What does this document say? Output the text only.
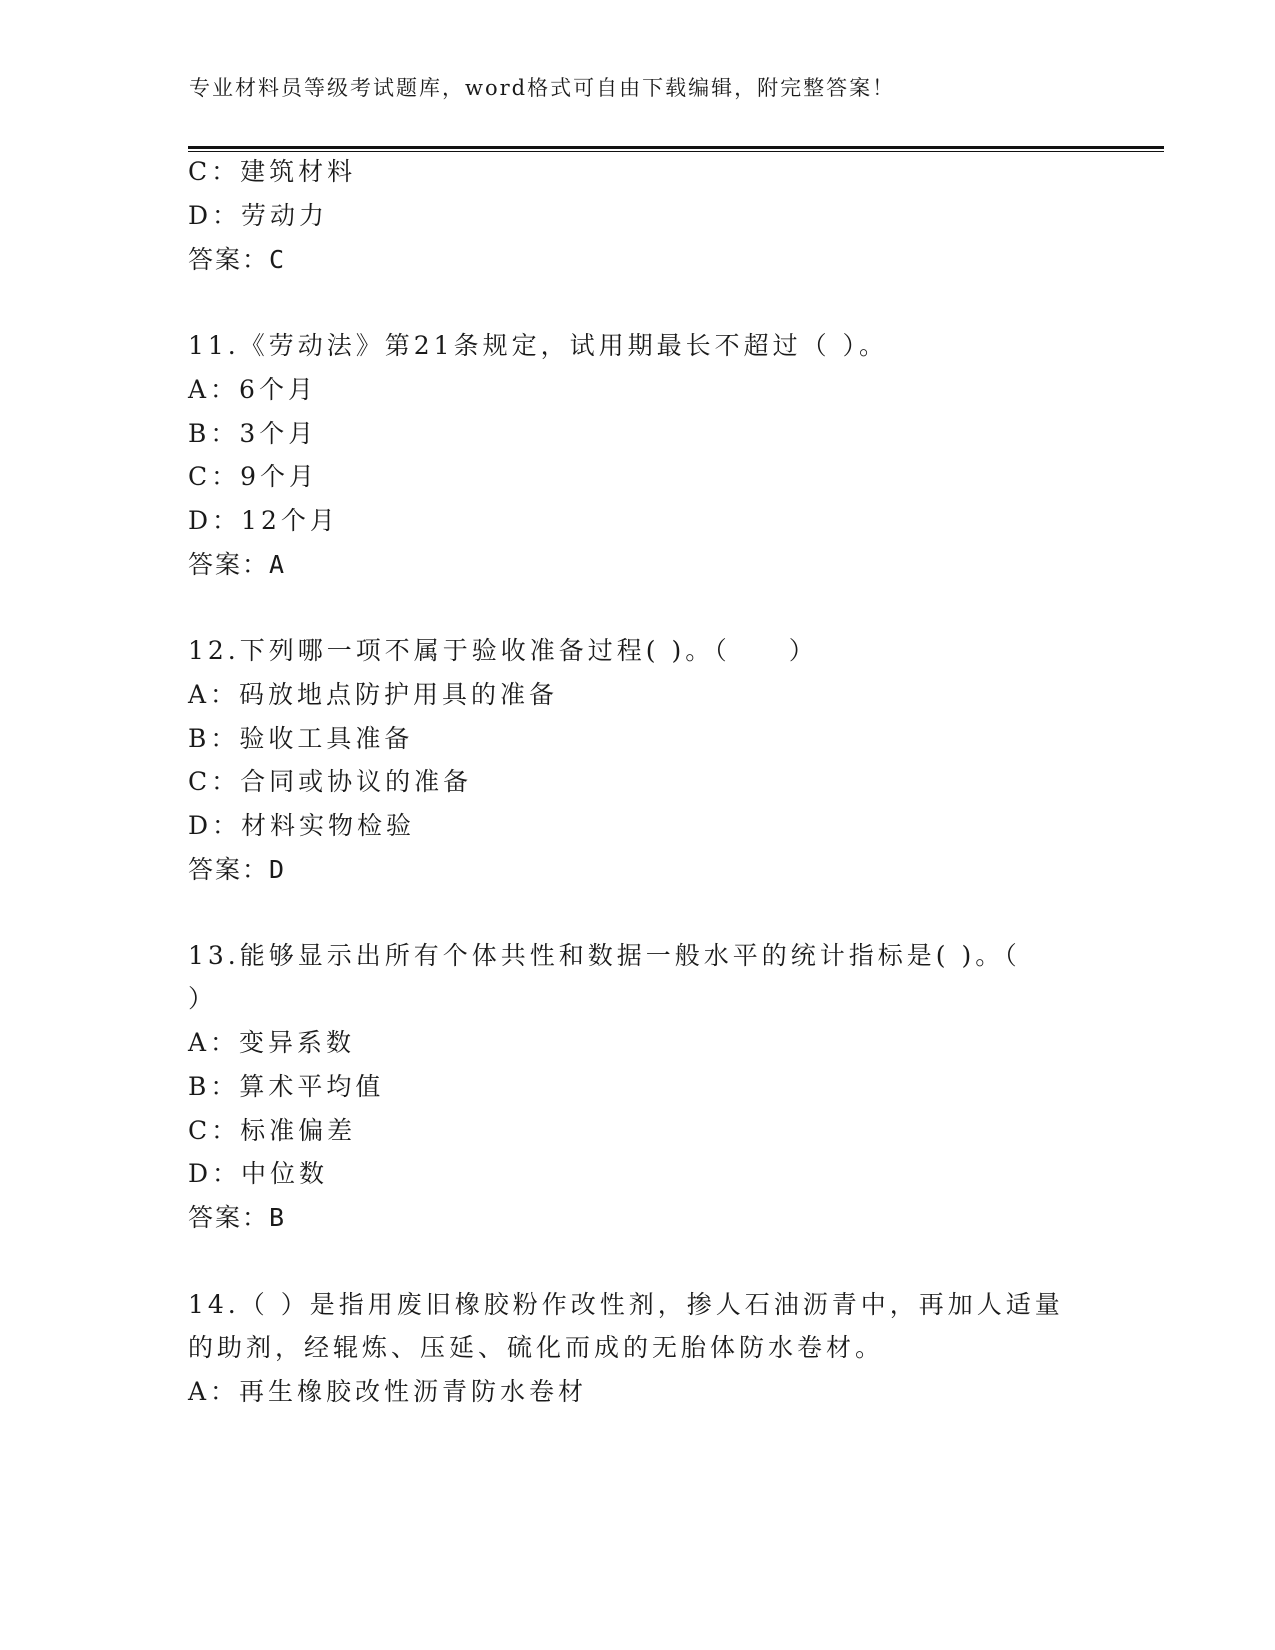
专业材料员等级考试题库，word格式可自由下载编辑，附完整答案！
C：建筑材料
D：劳动力
答案：C
11.《劳动法》第21条规定，试用期最长不超过（ ）。
A：6个月
B：3个月
C：9个月
D：12个月
答案：A
12.下列哪一项不属于验收准备过程( )。（　　）
A：码放地点防护用具的准备
B：验收工具准备
C：合同或协议的准备
D：材料实物检验
答案：D
13.能够显示出所有个体共性和数据一般水平的统计指标是( )。（
）
A：变异系数
B：算术平均值
C：标准偏差
D：中位数
答案：B
14.（ ）是指用废旧橡胶粉作改性剂，掺人石油沥青中，再加人适量
的助剂，经辊炼、压延、硫化而成的无胎体防水卷材。
A：再生橡胶改性沥青防水卷材
